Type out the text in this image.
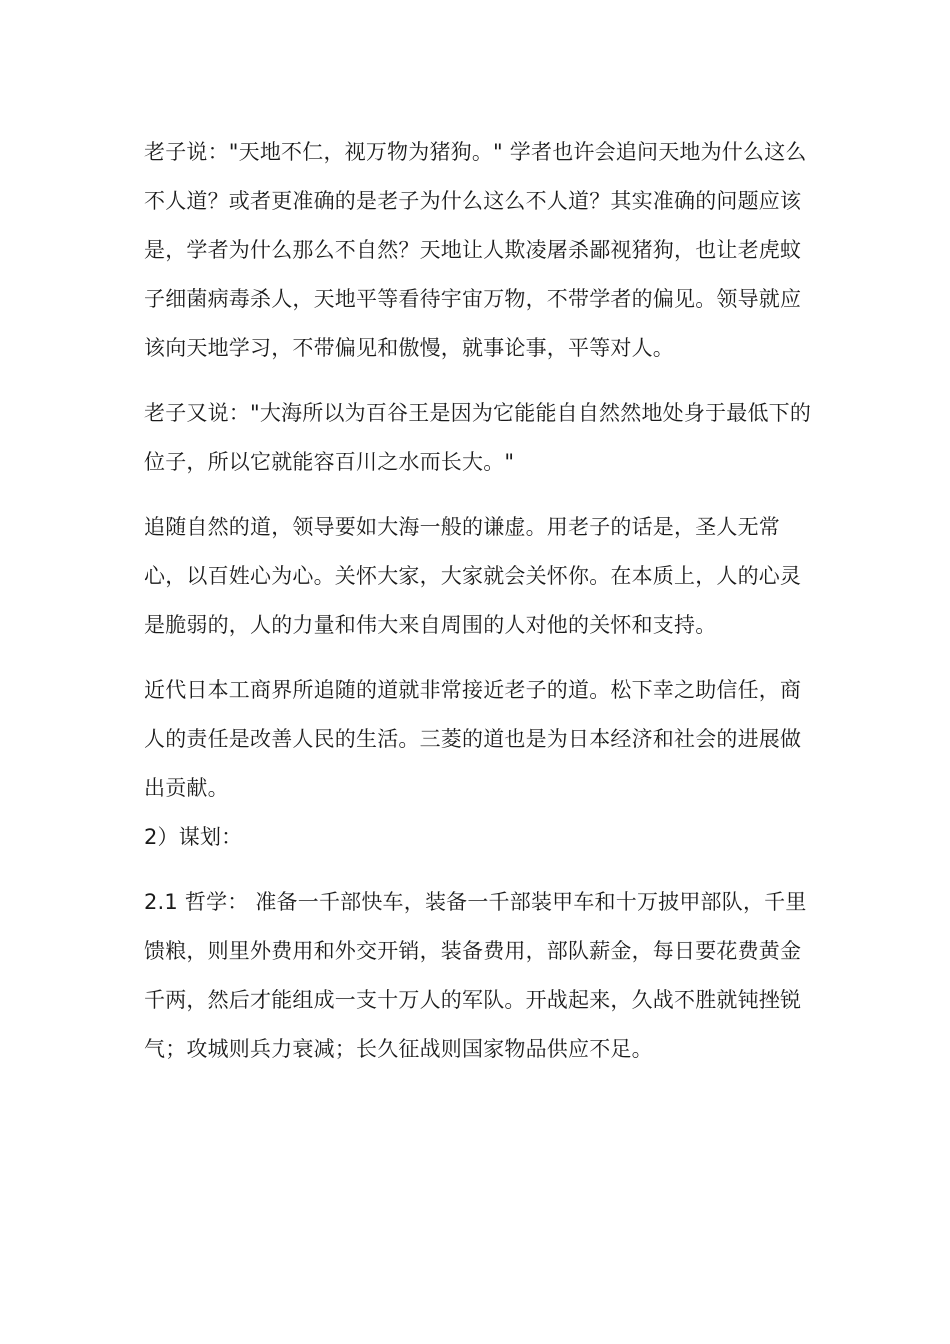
老子说："天地不仁，视万物为猪狗。" 学者也许会追问天地为什么这么不人道？或者更准确的是老子为什么这么不人道？其实准确的问题应该是，学者为什么那么不自然？天地让人欺凌屠杀鄙视猪狗，也让老虎蚊子细菌病毒杀人，天地平等看待宇宙万物，不带学者的偏见。领导就应该向天地学习，不带偏见和傲慢，就事论事，平等对人。

老子又说："大海所以为百谷王是因为它能能自自然然地处身于最低下的位子，所以它就能容百川之水而长大。"

追随自然的道，领导要如大海一般的谦虚。用老子的话是，圣人无常心，以百姓心为心。关怀大家，大家就会关怀你。在本质上，人的心灵是脆弱的，人的力量和伟大来自周围的人对他的关怀和支持。

近代日本工商界所追随的道就非常接近老子的道。松下幸之助信任，商人的责任是改善人民的生活。三菱的道也是为日本经济和社会的进展做出贡献。

2）谋划：

2.1 哲学： 准备一千部快车，装备一千部装甲车和十万披甲部队，千里馈粮，则里外费用和外交开销，装备费用，部队薪金，每日要花费黄金千两，然后才能组成一支十万人的军队。开战起来，久战不胜就钝挫锐气；攻城则兵力衰减；长久征战则国家物品供应不足。
